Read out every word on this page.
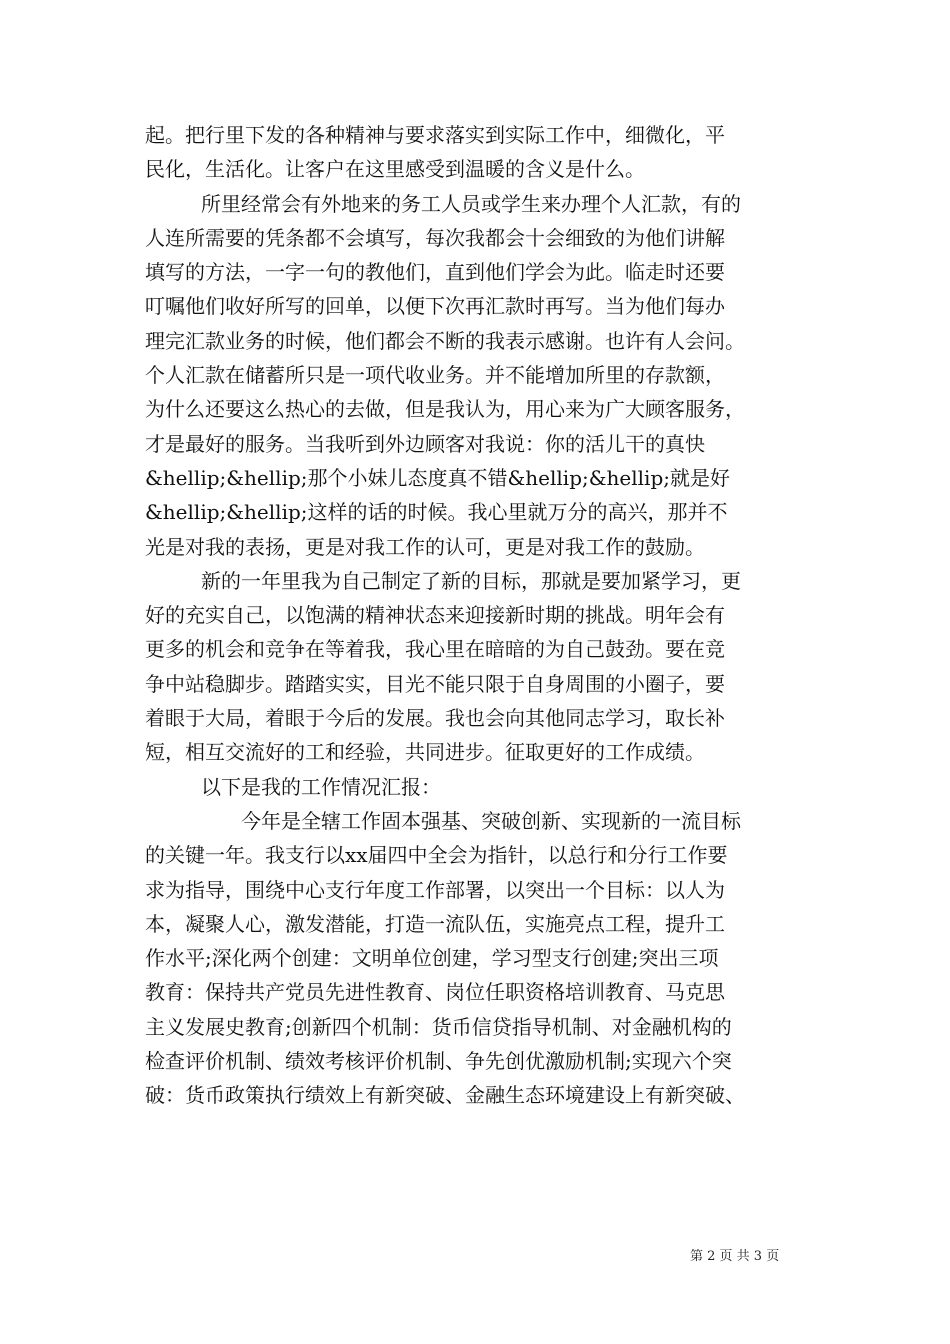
起。把行里下发的各种精神与要求落实到实际工作中，细微化，平
民化，生活化。让客户在这里感受到温暖的含义是什么。
所里经常会有外地来的务工人员或学生来办理个人汇款，有的
人连所需要的凭条都不会填写，每次我都会十会细致的为他们讲解
填写的方法，一字一句的教他们，直到他们学会为此。临走时还要
叮嘱他们收好所写的回单，以便下次再汇款时再写。当为他们每办
理完汇款业务的时候，他们都会不断的我表示感谢。也许有人会问。
个人汇款在储蓄所只是一项代收业务。并不能增加所里的存款额，
为什么还要这么热心的去做，但是我认为，用心来为广大顾客服务，
才是最好的服务。当我听到外边顾客对我说：你的活儿干的真快
&hellip;&hellip;那个小妹儿态度真不错&hellip;&hellip;就是好
&hellip;&hellip;这样的话的时候。我心里就万分的高兴，那并不
光是对我的表扬，更是对我工作的认可，更是对我工作的鼓励。
新的一年里我为自己制定了新的目标，那就是要加紧学习，更
好的充实自己，以饱满的精神状态来迎接新时期的挑战。明年会有
更多的机会和竞争在等着我，我心里在暗暗的为自己鼓劲。要在竞
争中站稳脚步。踏踏实实，目光不能只限于自身周围的小圈子，要
着眼于大局，着眼于今后的发展。我也会向其他同志学习，取长补
短，相互交流好的工和经验，共同进步。征取更好的工作成绩。
以下是我的工作情况汇报：
今年是全辖工作固本强基、突破创新、实现新的一流目标
的关键一年。我支行以xx届四中全会为指针，以总行和分行工作要
求为指导，围绕中心支行年度工作部署，以突出一个目标：以人为
本，凝聚人心，激发潜能，打造一流队伍，实施亮点工程，提升工
作水平;深化两个创建：文明单位创建，学习型支行创建;突出三项
教育：保持共产党员先进性教育、岗位任职资格培训教育、马克思
主义发展史教育;创新四个机制：货币信贷指导机制、对金融机构的
检查评价机制、绩效考核评价机制、争先创优激励机制;实现六个突
破：货币政策执行绩效上有新突破、金融生态环境建设上有新突破、
第 2 页 共 3 页
